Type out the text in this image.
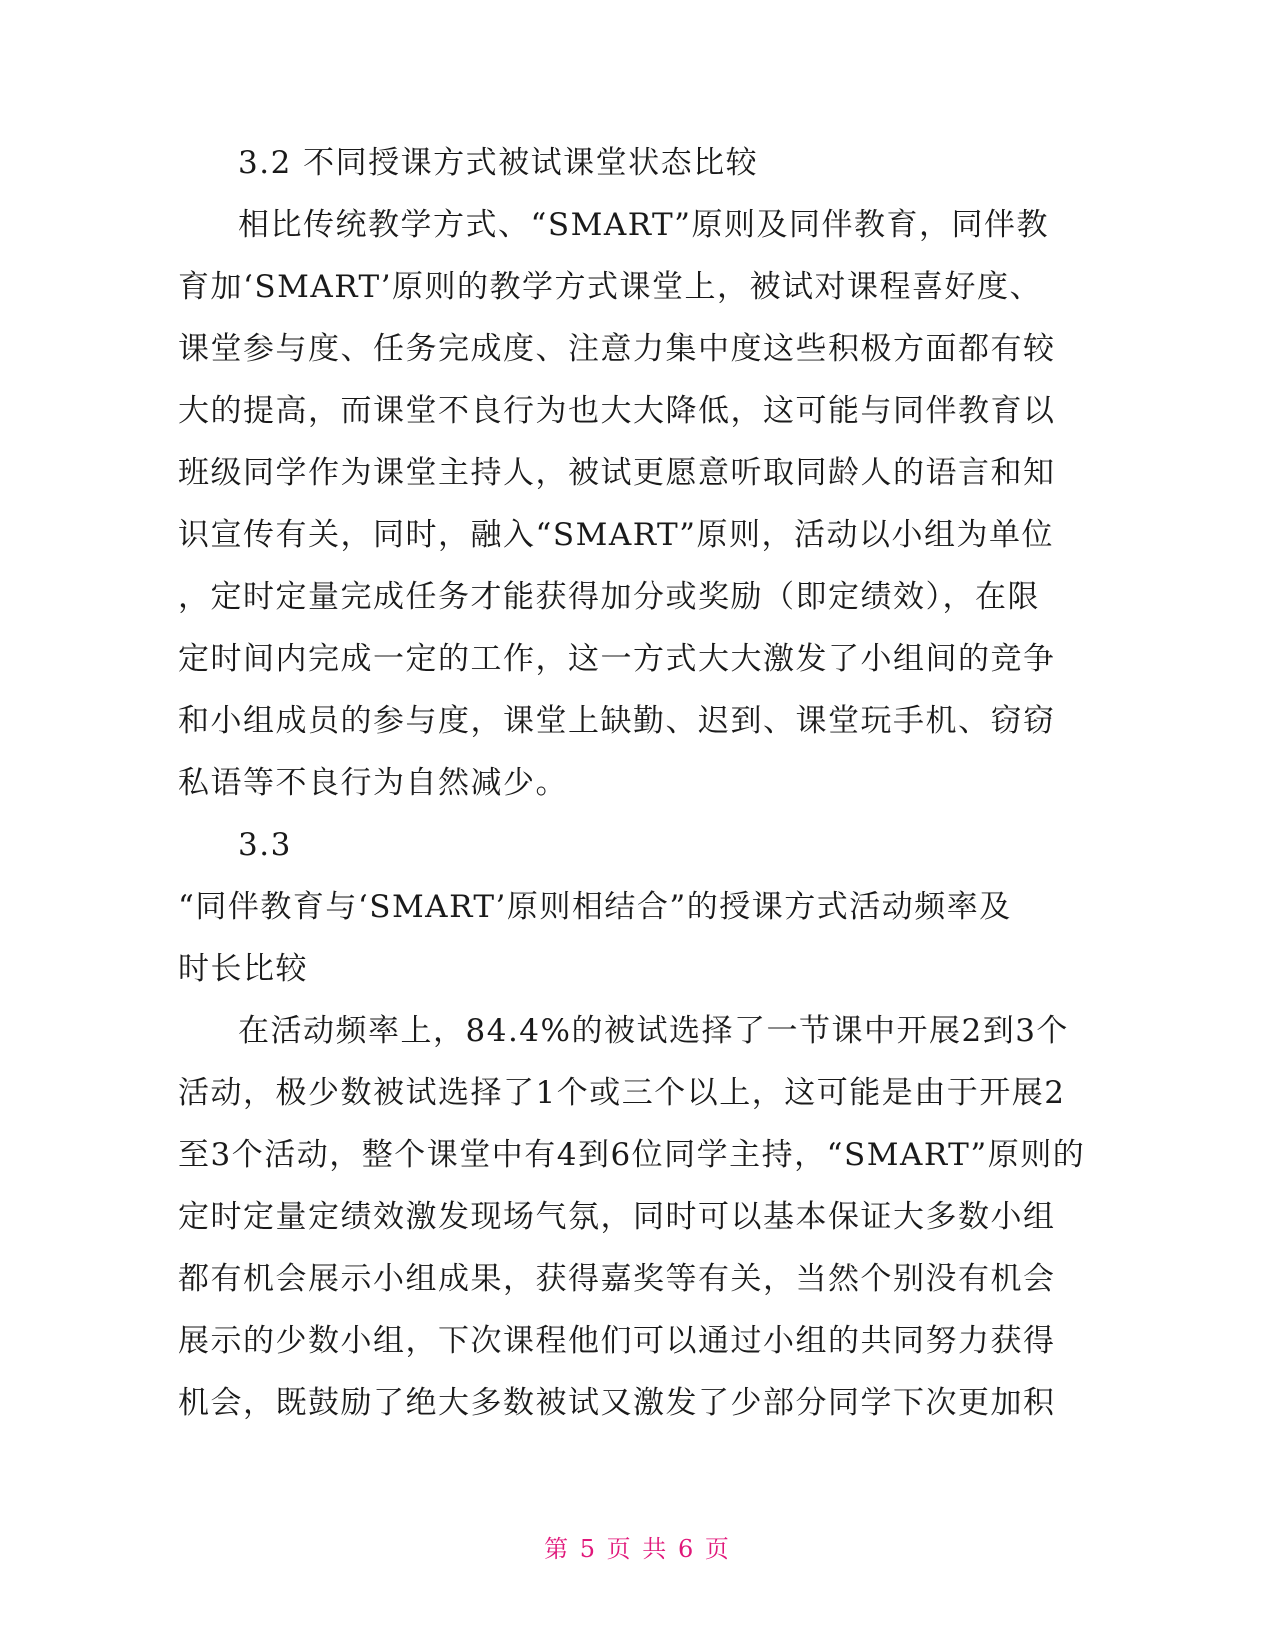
3.2 不同授课方式被试课堂状态比较
相比传统教学方式、“SMART”原则及同伴教育，同伴教
育加‘SMART’原则的教学方式课堂上，被试对课程喜好度、
课堂参与度、任务完成度、注意力集中度这些积极方面都有较
大的提高，而课堂不良行为也大大降低，这可能与同伴教育以
班级同学作为课堂主持人，被试更愿意听取同龄人的语言和知
识宣传有关，同时，融入“SMART”原则，活动以小组为单位
，定时定量完成任务才能获得加分或奖励（即定绩效），在限
定时间内完成一定的工作，这一方式大大激发了小组间的竞争
和小组成员的参与度，课堂上缺勤、迟到、课堂玩手机、窃窃
私语等不良行为自然减少。
3.3
“同伴教育与‘SMART’原则相结合”的授课方式活动频率及
时长比较
在活动频率上，84.4%的被试选择了一节课中开展2到3个
活动，极少数被试选择了1个或三个以上，这可能是由于开展2
至3个活动，整个课堂中有4到6位同学主持，“SMART”原则的
定时定量定绩效激发现场气氛，同时可以基本保证大多数小组
都有机会展示小组成果，获得嘉奖等有关，当然个别没有机会
展示的少数小组，下次课程他们可以通过小组的共同努力获得
机会，既鼓励了绝大多数被试又激发了少部分同学下次更加积
第 5 页 共 6 页
